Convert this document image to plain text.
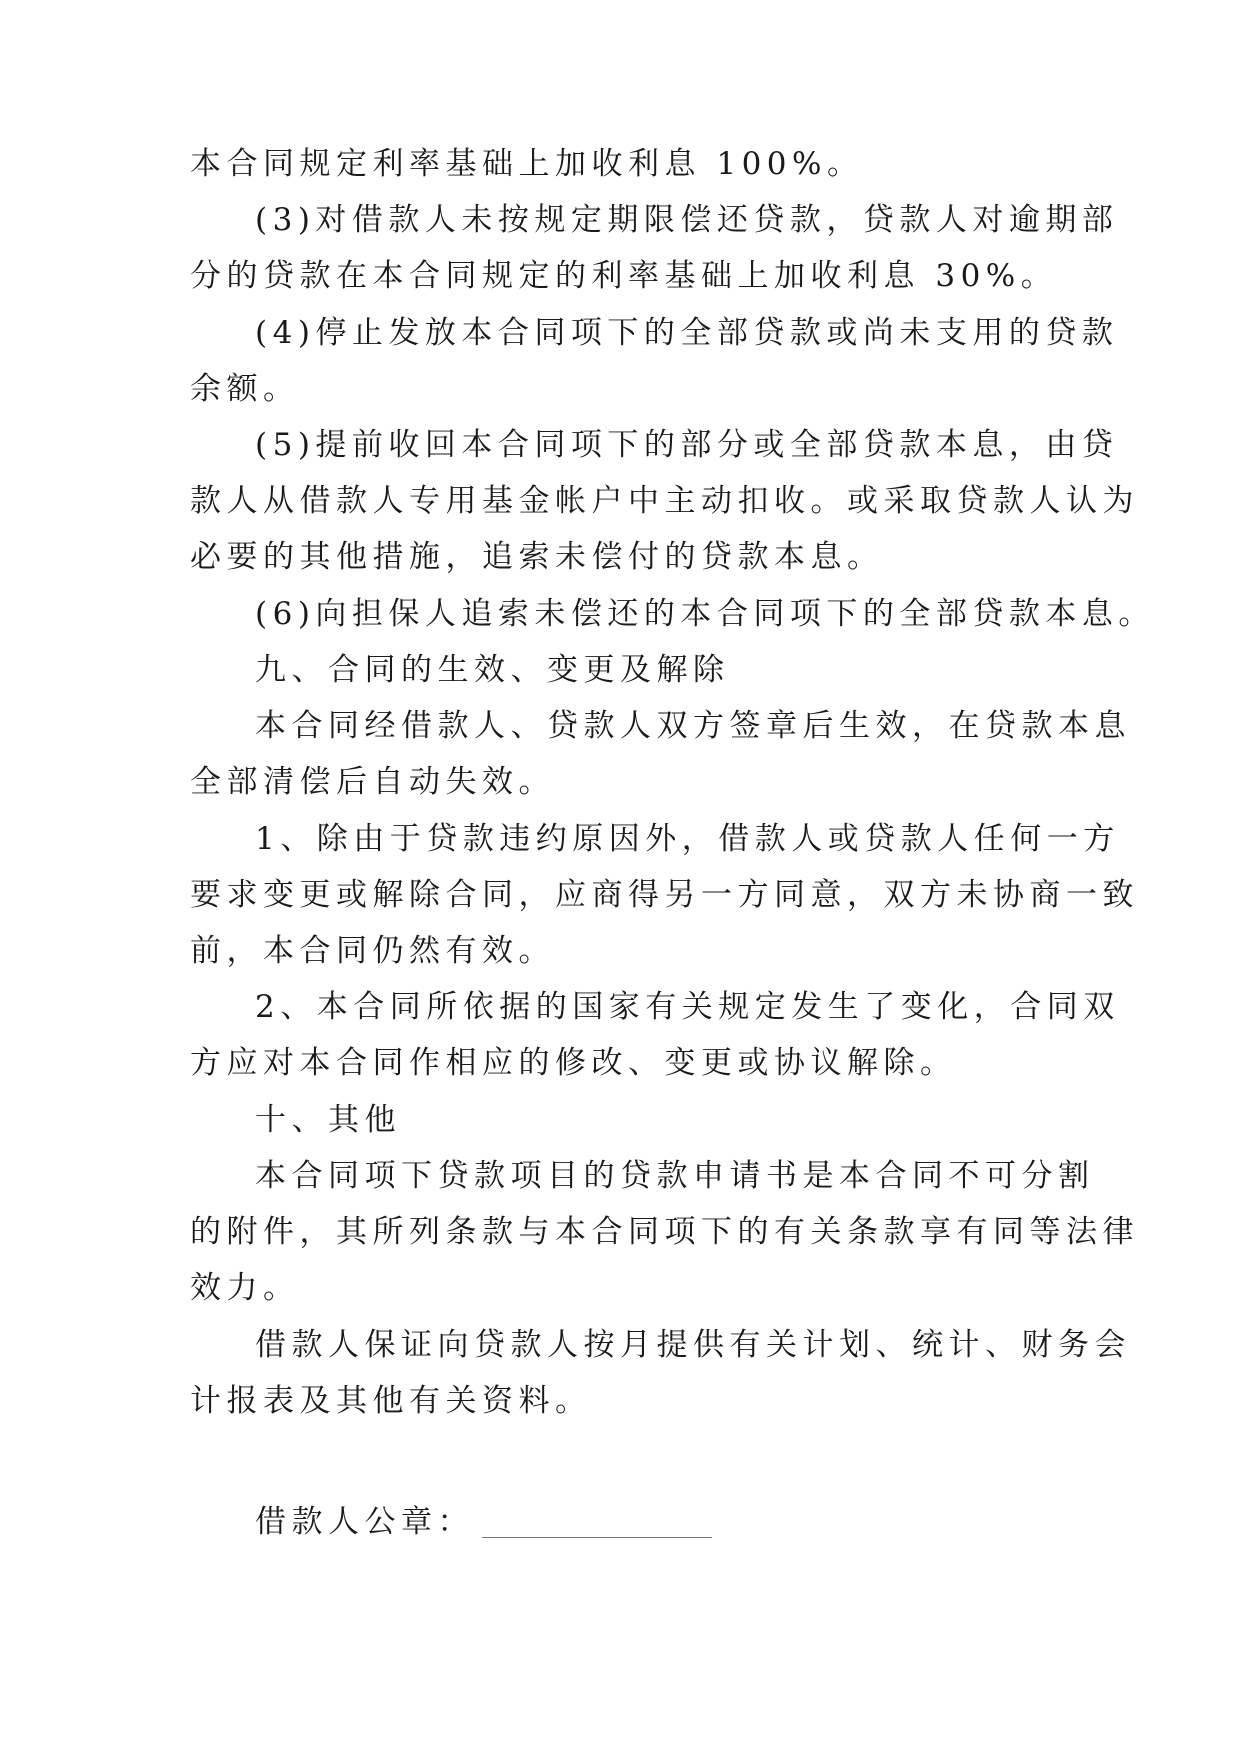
本合同规定利率基础上加收利息 100%。
(3)对借款人未按规定期限偿还贷款，贷款人对逾期部
分的贷款在本合同规定的利率基础上加收利息 30%。
(4)停止发放本合同项下的全部贷款或尚未支用的贷款
余额。
(5)提前收回本合同项下的部分或全部贷款本息，由贷
款人从借款人专用基金帐户中主动扣收。或采取贷款人认为
必要的其他措施，追索未偿付的贷款本息。
(6)向担保人追索未偿还的本合同项下的全部贷款本息。
九、合同的生效、变更及解除
本合同经借款人、贷款人双方签章后生效，在贷款本息
全部清偿后自动失效。
1、除由于贷款违约原因外，借款人或贷款人任何一方
要求变更或解除合同，应商得另一方同意，双方未协商一致
前，本合同仍然有效。
2、本合同所依据的国家有关规定发生了变化，合同双
方应对本合同作相应的修改、变更或协议解除。
十、其他
本合同项下贷款项目的贷款申请书是本合同不可分割
的附件，其所列条款与本合同项下的有关条款享有同等法律
效力。
借款人保证向贷款人按月提供有关计划、统计、财务会
计报表及其他有关资料。
借款人公章：
